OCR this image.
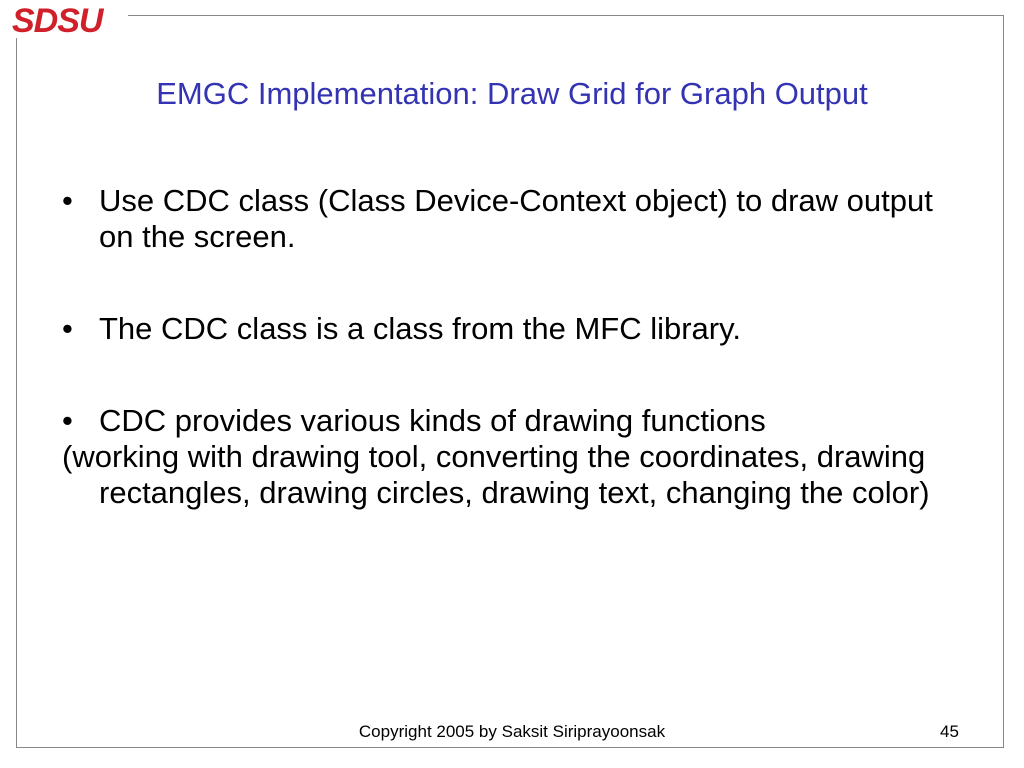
SDSU
EMGC Implementation: Draw Grid for Graph Output
• Use CDC class (Class Device-Context object) to draw output on the screen.
• The CDC class is a class from the MFC library.
• CDC provides various kinds of drawing functions
(working with drawing tool, converting the coordinates, drawing rectangles, drawing circles, drawing text, changing the color)
Copyright 2005 by Saksit Siriprayoonsak	45
